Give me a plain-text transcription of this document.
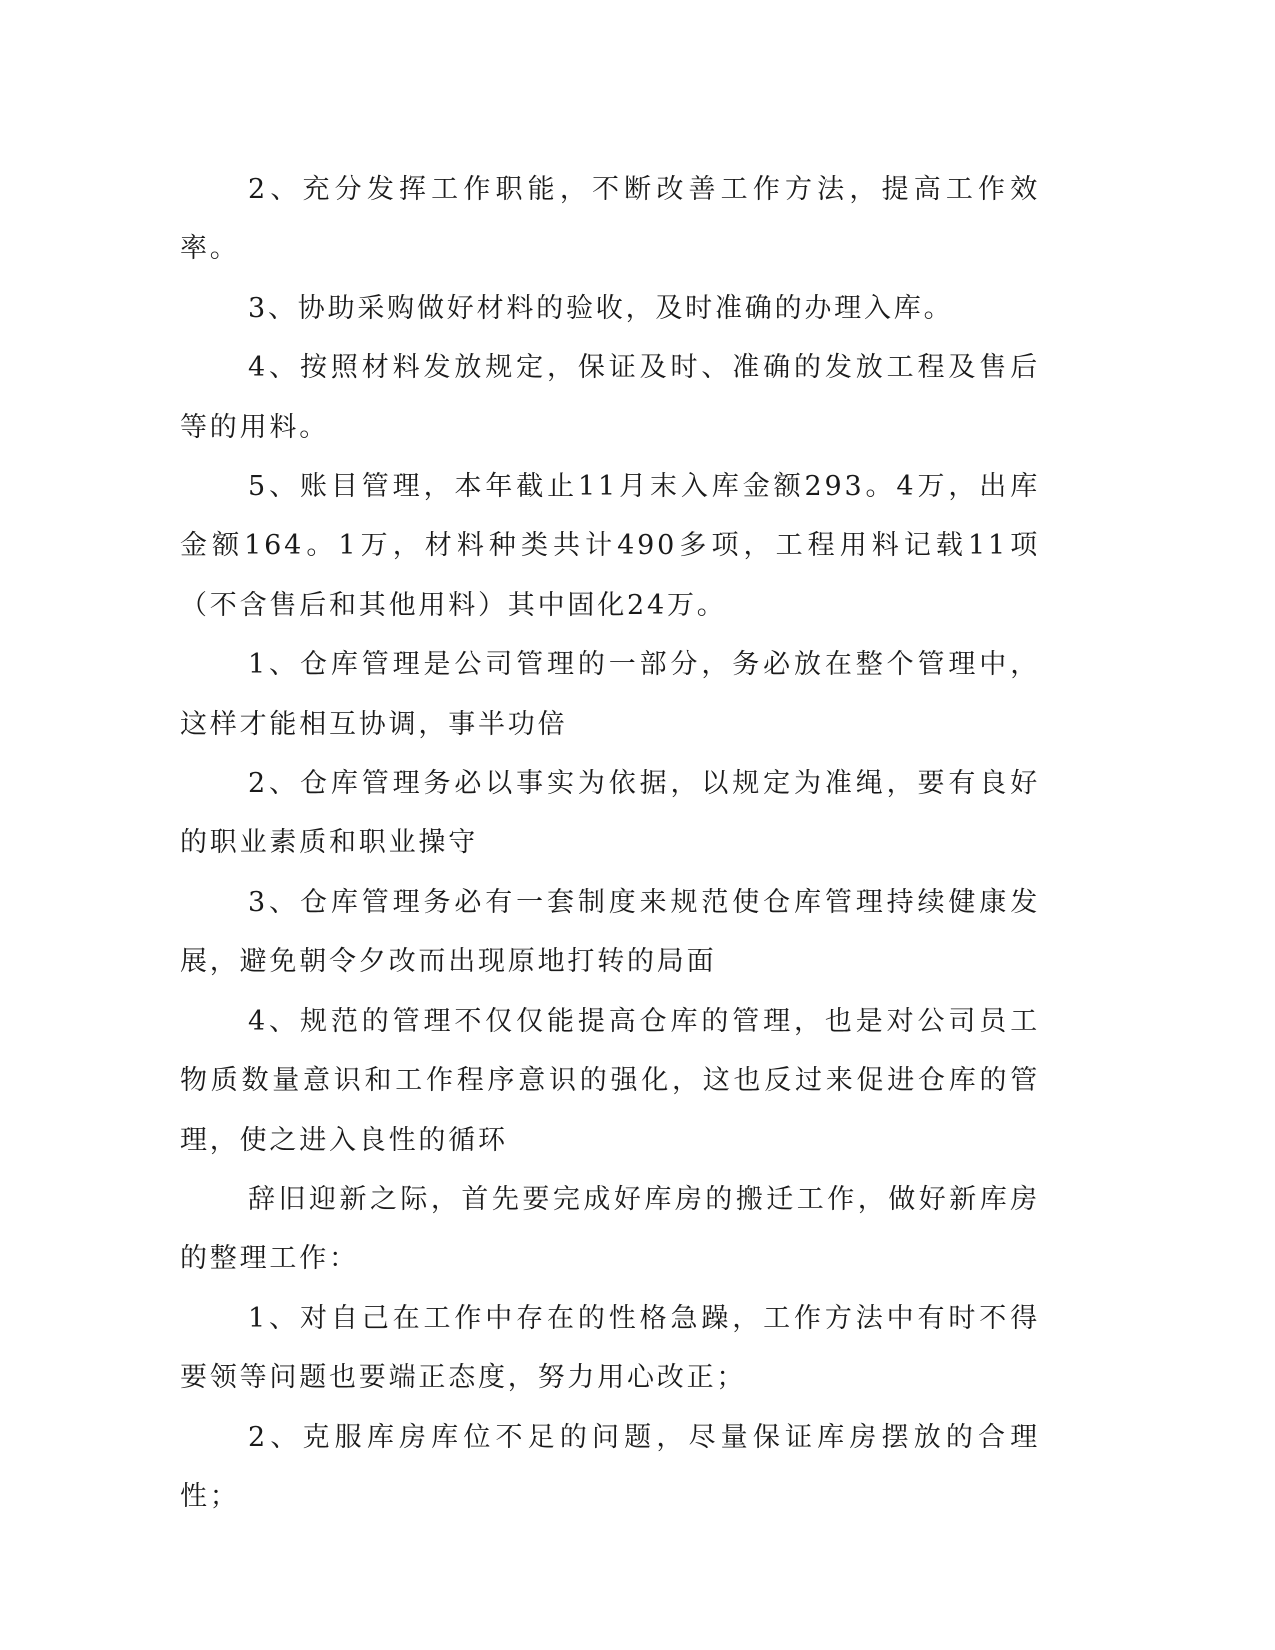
2、充分发挥工作职能，不断改善工作方法，提高工作效率。

3、协助采购做好材料的验收，及时准确的办理入库。

4、按照材料发放规定，保证及时、准确的发放工程及售后等的用料。

5、账目管理，本年截止11月末入库金额293。4万，出库金额164。1万，材料种类共计490多项，工程用料记载11项（不含售后和其他用料）其中固化24万。

1、仓库管理是公司管理的一部分，务必放在整个管理中，这样才能相互协调，事半功倍

2、仓库管理务必以事实为依据，以规定为准绳，要有良好的职业素质和职业操守

3、仓库管理务必有一套制度来规范使仓库管理持续健康发展，避免朝令夕改而出现原地打转的局面

4、规范的管理不仅仅能提高仓库的管理，也是对公司员工物质数量意识和工作程序意识的强化，这也反过来促进仓库的管理，使之进入良性的循环

辞旧迎新之际，首先要完成好库房的搬迁工作，做好新库房的整理工作：

1、对自己在工作中存在的性格急躁，工作方法中有时不得要领等问题也要端正态度，努力用心改正；

2、克服库房库位不足的问题，尽量保证库房摆放的合理性；
